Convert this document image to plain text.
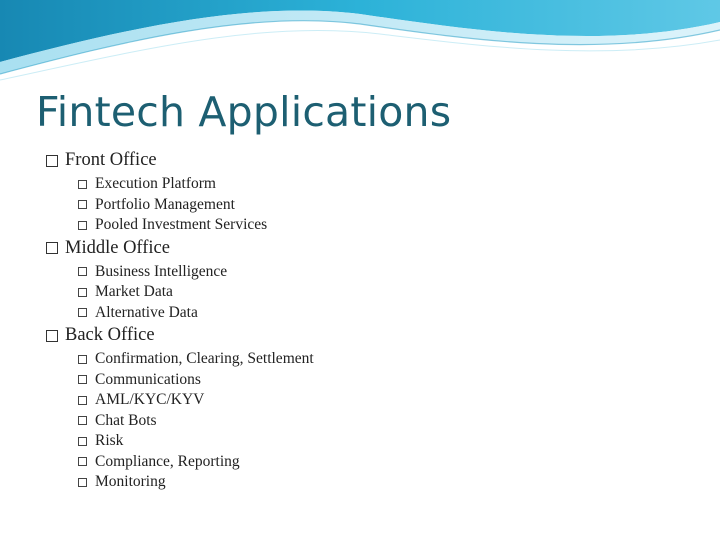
Fintech Applications
Front Office
Execution Platform
Portfolio Management
Pooled Investment Services
Middle Office
Business Intelligence
Market Data
Alternative Data
Back Office
Confirmation, Clearing, Settlement
Communications
AML/KYC/KYV
Chat Bots
Risk
Compliance, Reporting
Monitoring
